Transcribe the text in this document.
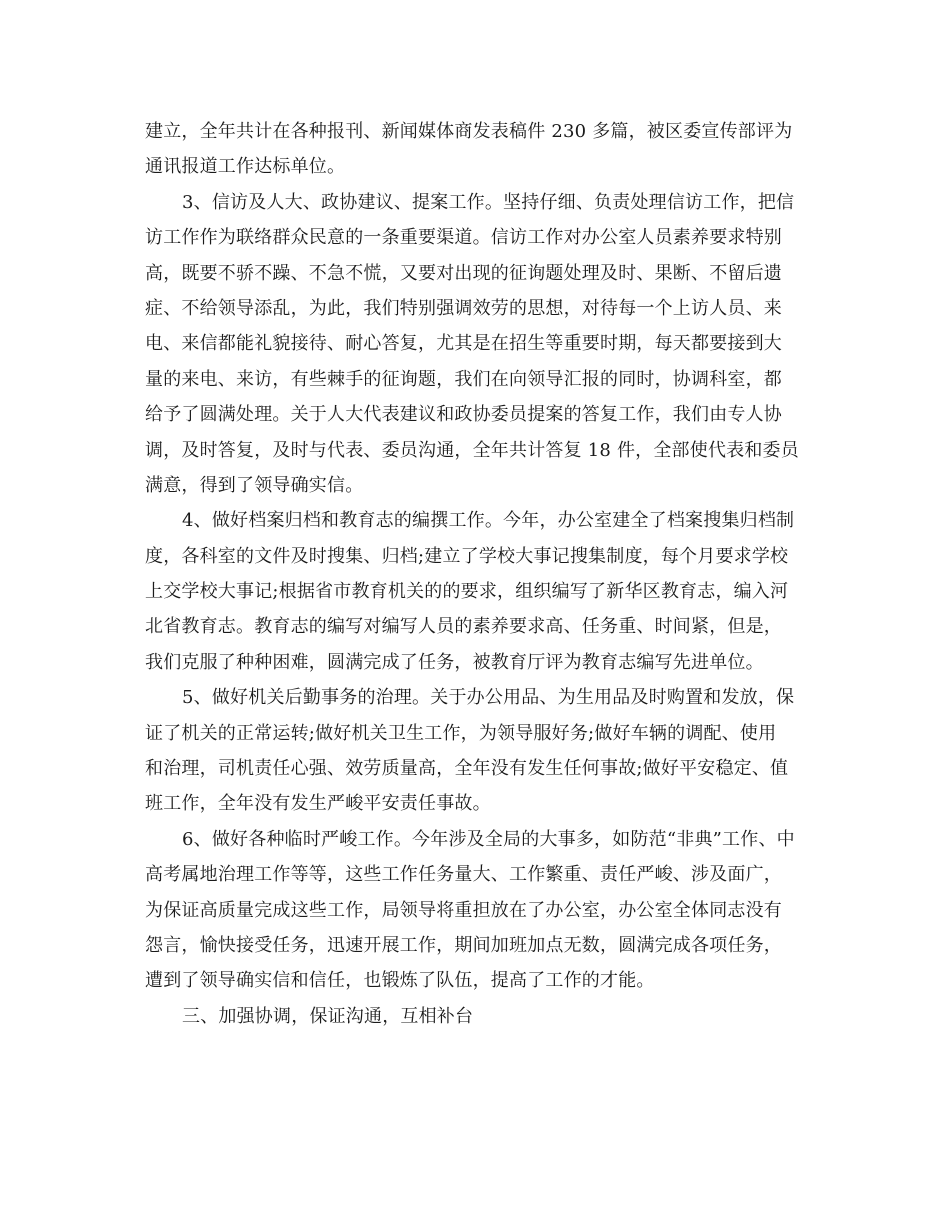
建立，全年共计在各种报刊、新闻媒体商发表稿件 230 多篇，被区委宣传部评为
通讯报道工作达标单位。
3、信访及人大、政协建议、提案工作。坚持仔细、负责处理信访工作，把信
访工作作为联络群众民意的一条重要渠道。信访工作对办公室人员素养要求特别
高，既要不骄不躁、不急不慌，又要对出现的征询题处理及时、果断、不留后遗
症、不给领导添乱，为此，我们特别强调效劳的思想，对待每一个上访人员、来
电、来信都能礼貌接待、耐心答复，尤其是在招生等重要时期，每天都要接到大
量的来电、来访，有些棘手的征询题，我们在向领导汇报的同时，协调科室，都
给予了圆满处理。关于人大代表建议和政协委员提案的答复工作，我们由专人协
调，及时答复，及时与代表、委员沟通，全年共计答复 18 件，全部使代表和委员
满意，得到了领导确实信。
4、做好档案归档和教育志的编撰工作。今年，办公室建全了档案搜集归档制
度，各科室的文件及时搜集、归档;建立了学校大事记搜集制度，每个月要求学校
上交学校大事记;根据省市教育机关的的要求，组织编写了新华区教育志，编入河
北省教育志。教育志的编写对编写人员的素养要求高、任务重、时间紧，但是，
我们克服了种种困难，圆满完成了任务，被教育厅评为教育志编写先进单位。
5、做好机关后勤事务的治理。关于办公用品、为生用品及时购置和发放，保
证了机关的正常运转;做好机关卫生工作，为领导服好务;做好车辆的调配、使用
和治理，司机责任心强、效劳质量高，全年没有发生任何事故;做好平安稳定、值
班工作，全年没有发生严峻平安责任事故。
6、做好各种临时严峻工作。今年涉及全局的大事多，如防范“非典”工作、中
高考属地治理工作等等，这些工作任务量大、工作繁重、责任严峻、涉及面广，
为保证高质量完成这些工作，局领导将重担放在了办公室，办公室全体同志没有
怨言，愉快接受任务，迅速开展工作，期间加班加点无数，圆满完成各项任务，
遭到了领导确实信和信任，也锻炼了队伍，提高了工作的才能。
三、加强协调，保证沟通，互相补台
